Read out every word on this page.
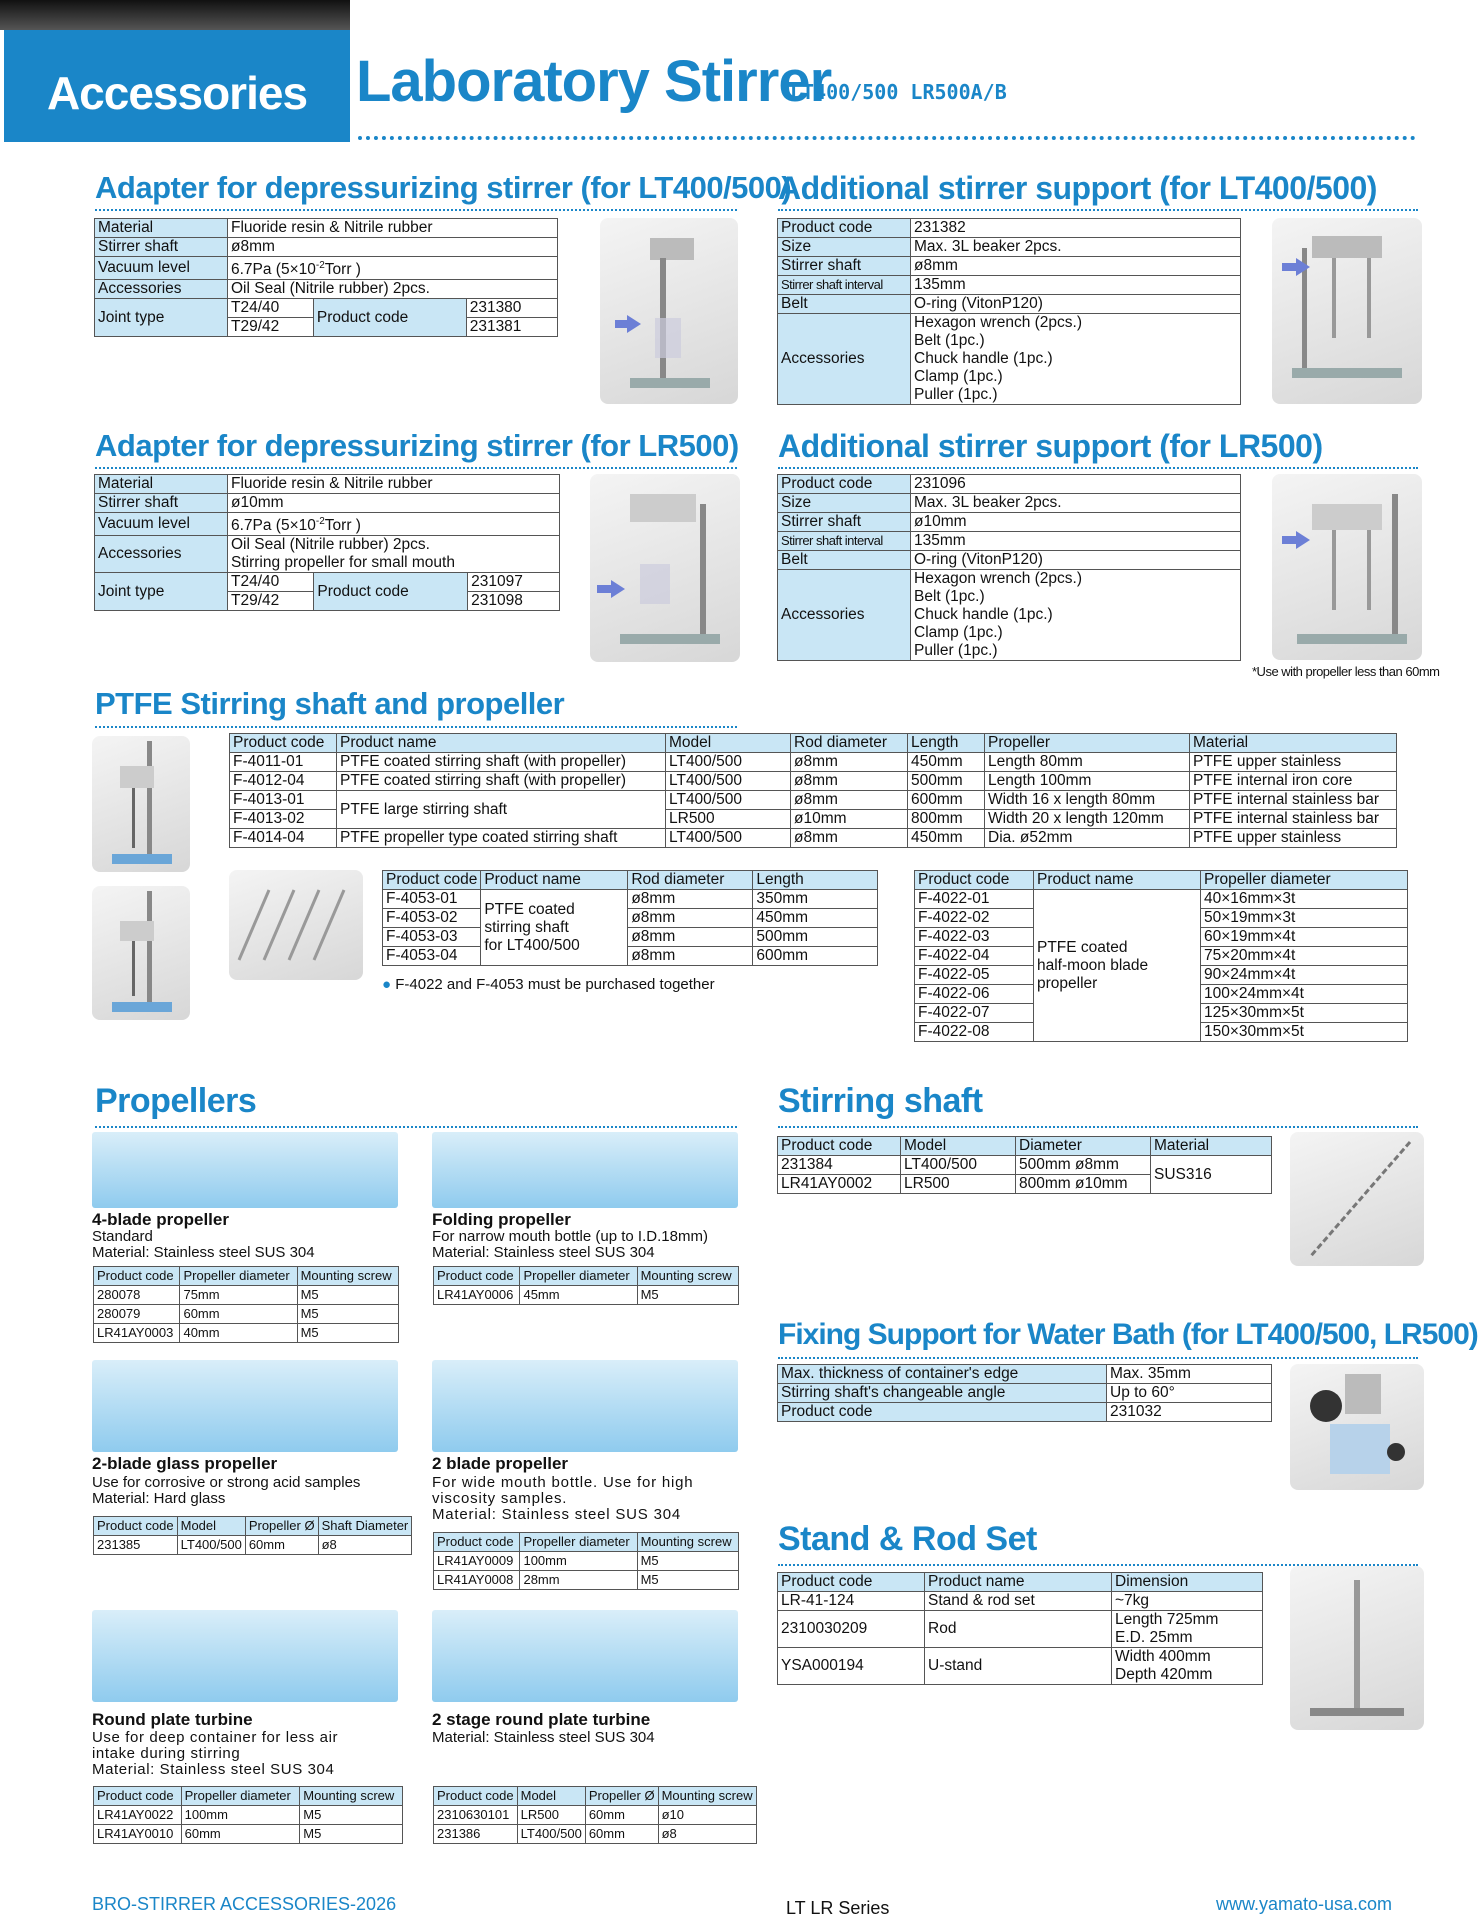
Accessories Laboratory Stirrer
LT400/500 LR500A/B
Adapter for depressurizing stirrer (for LT400/500)
Material	Fluoride resin & Nitrile rubber		
Stirrer shaft	ø8mm		
Vacuum level	6.7Pa ($5\times 10^{-2}Torr$ )		
Accessories	Oil Seal (Nitrile rubber) 2pcs.		
Joint type	T24/40	Product code	231380
	T29/42		231381
Additional stirrer support (for LT400/500)
Product code	231382
Size	Max. 3L beaker 2pcs.
Stirrer shaft	ø8mm
Stirrer shaft interval	135mm
Belt	O-ring (VitonP120)
Accessories	Hexagon wrench (2pcs.)
Belt (1pc.)
Chuck handle (1pc.)
Clamp (1pc.)
Puller (1pc.)
Adapter for depressurizing stirrer (for LR500)
Material	Fluoride resin & Nitrile rubber		
Stirrer shaft	ø10mm		
Vacuum level	6.7Pa ($5\times 10^{-2}Torr$ )		
Accessories	Oil Seal (Nitrile rubber) 2pcs.
Stirring propeller for small mouth		

Joint type	T24/40	Product code	231097
	T29/42		231098
Additional stirrer support (for LR500)
Product code	231096
Size	Max. 3L beaker 2pcs.
Stirrer shaft	ø10mm
Stirrer shaft interval	135mm
Belt	O-ring (VitonP120)
Accessories	Hexagon wrench (2pcs.)
Belt (1pc.)
Chuck handle (1pc.)
Clamp (1pc.)
Puller (1pc.)
*Use with propeller less than 60mm
PTFE Stirring shaft and propeller
Product code	Product name	Model	Rod diameter	Length	Propeller	Material
F-4011-01	PTFE coated stirring shaft (with propeller)	LT400/500	ø8mm	450mm	Length 80mm	PTFE upper stainless
F-4012-04	PTFE coated stirring shaft (with propeller)	LT400/500	ø8mm	500mm	Length 100mm	PTFE internal iron core
F-4013-01	PTFE large stirring shaft	LT400/500	ø8mm	600mm	Width 16 x length 80mm	PTFE internal stainless bar
F-4013-02		LR500	ø10mm	800mm	Width 20 x length 120mm	PTFE internal stainless bar
F-4014-04	PTFE propeller type coated stirring shaft	LT400/500	ø8mm	450mm	Dia. ø52mm	PTFE upper stainless
Product code	Product name	Rod diameter	Length
F-4053-01	PTFE coated
stirring shaft
for LT400/500	ø8mm	350mm
F-4053-02		ø8mm	450mm
F-4053-03		ø8mm	500mm
F-4053-04		ø8mm	600mm
● F-4022 and F-4053 must be purchased together
Product code	Product name	Propeller diameter
F-4022-01	PTFE coated
half-moon blade
propeller	40×16mm×3t
F-4022-02		50×19mm×3t
F-4022-03		60×19mm×4t
F-4022-04		75×20mm×4t
F-4022-05		90×24mm×4t
F-4022-06		100×24mm×4t
F-4022-07		125×30mm×5t
F-4022-08		150×30mm×5t
Propellers
4-blade propeller
Standard
Material: Stainless steel SUS 304
Product code	Propeller diameter	Mounting screw
280078	75mm	M5
280079	60mm	M5
LR41AY0003	40mm	M5
Folding propeller
For narrow mouth bottle (up to I.D.18mm)
Material: Stainless steel SUS 304
Product code	Propeller diameter	Mounting screw
LR41AY0006	45mm	M5
2-blade glass propeller
Use for corrosive or strong acid samples
Material: Hard glass
Product code	Model	Propeller Ø	Shaft Diameter
231385	LT400/500	60mm	ø8
2 blade propeller
For wide mouth bottle. Use for high
viscosity samples.
Material: Stainless steel SUS 304
Product code	Propeller diameter	Mounting screw
LR41AY0009	100mm	M5
LR41AY0008	28mm	M5
Round plate turbine
Use for deep container for less air
intake during stirring
Material: Stainless steel SUS 304
Product code	Propeller diameter	Mounting screw
LR41AY0022	100mm	M5
LR41AY0010	60mm	M5
2 stage round plate turbine
Material: Stainless steel SUS 304
Product code	Model	Propeller Ø	Mounting screw
2310630101	LR500	60mm	ø10
231386	LT400/500	60mm	ø8
Stirring shaft
Product code	Model	Diameter	Material
231384	LT400/500	500mm ø8mm	SUS316
LR41AY0002	LR500	800mm ø10mm	
Fixing Support for Water Bath (for LT400/500, LR500)
Max. thickness of container's edge	Max. 35mm
Stirring shaft's changeable angle	Up to 60°
Product code	231032
Stand & Rod Set
Product code	Product name	Dimension
LR-41-124	Stand & rod set	~7kg
2310030209	Rod	Length 725mm
E.D. 25mm

YSA000194	U-stand	Width 400mm
Depth 420mm
BRO-STIRRER ACCESSORIES-2026	LT LR Series	www.yamato-usa.com
